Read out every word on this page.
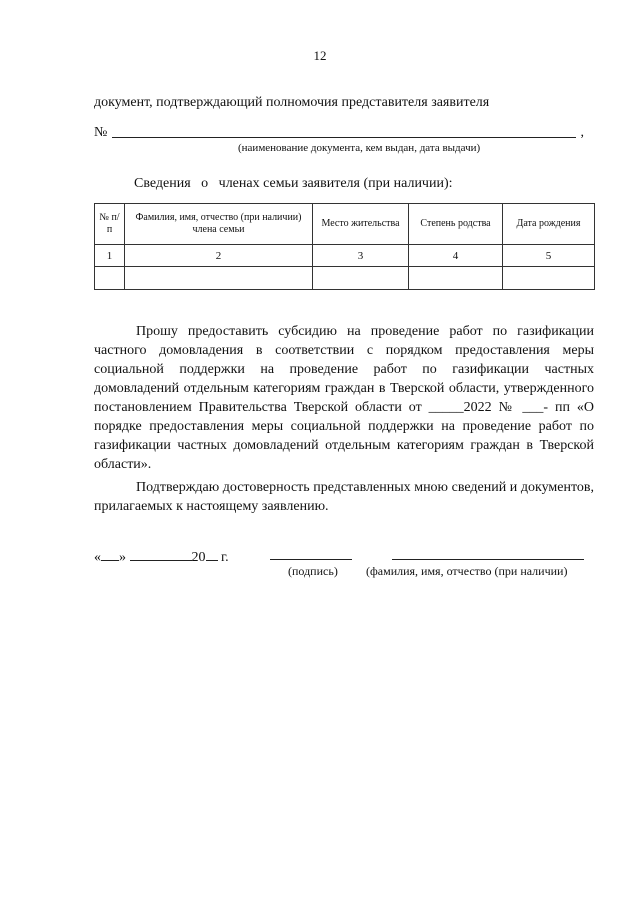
12
документ, подтверждающий полномочия представителя заявителя
№	,
(наименование документа, кем выдан, дата выдачи)
Сведения   о   членах семьи заявителя (при наличии):
№ п/п	Фамилия, имя, отчество (при наличии) члена семьи	Место жительства	Степень родства	Дата рождения
1	2	3	4	5

Прошу предоставить субсидию на проведение работ по газификации частного домовладения в соответствии с порядком предоставления меры социальной поддержки на проведение работ по газификации частных домовладений отдельным категориям граждан в Тверской области, утвержденного постановлением Правительства Тверской области от _____2022 № ___- пп «О порядке предоставления меры социальной поддержки на проведение работ по газификации частных домовладений отдельным категориям граждан в Тверской области».
Подтверждаю достоверность представленных мною сведений и документов, прилагаемых к настоящему заявлению.
« »	20 г.
(подпись) (фамилия, имя, отчество (при наличии)
